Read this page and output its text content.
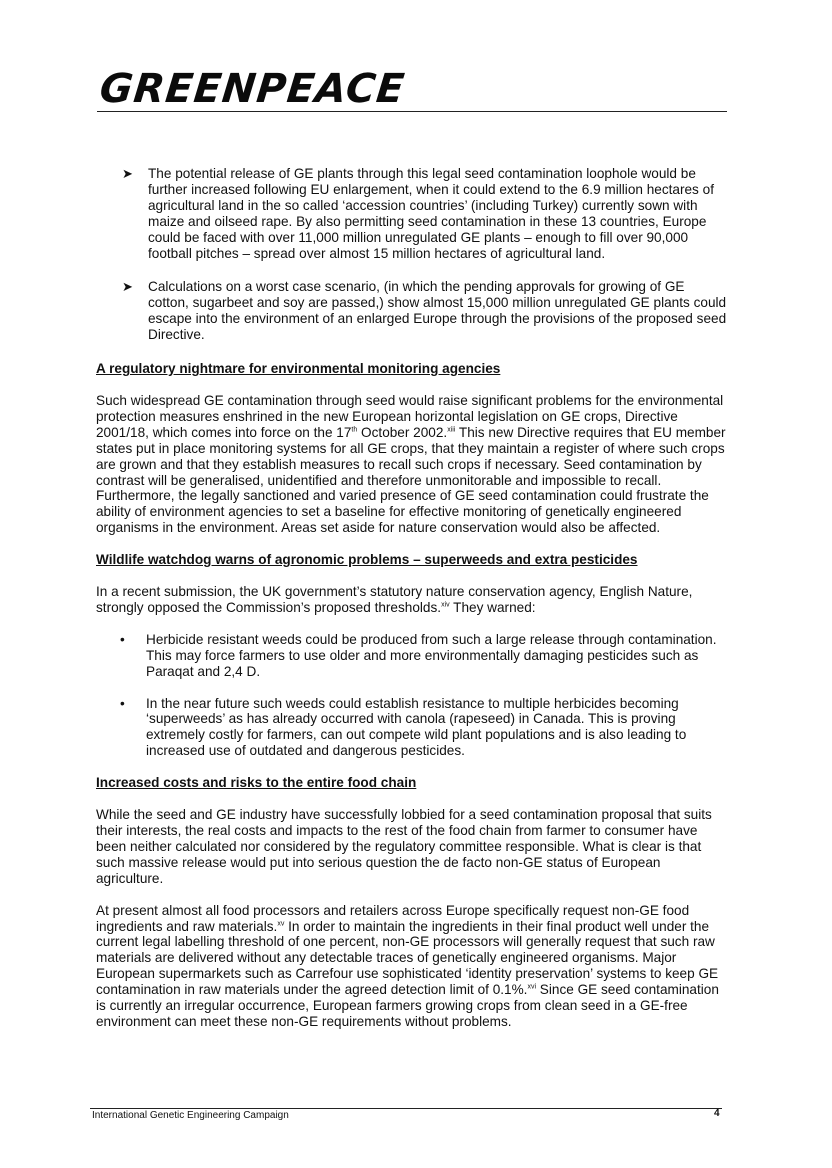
GREENPEACE
➤ The potential release of GE plants through this legal seed contamination loophole would be further increased following EU enlargement, when it could extend to the 6.9 million hectares of agricultural land in the so called ‘accession countries’ (including Turkey) currently sown with maize and oilseed rape. By also permitting seed contamination in these 13 countries, Europe could be faced with over 11,000 million unregulated GE plants – enough to fill over 90,000 football pitches – spread over almost 15 million hectares of agricultural land.
➤ Calculations on a worst case scenario, (in which the pending approvals for growing of GE cotton, sugarbeet and soy are passed,) show almost 15,000 million unregulated GE plants could escape into the environment of an enlarged Europe through the provisions of the proposed seed Directive.
A regulatory nightmare for environmental monitoring agencies

Such widespread GE contamination through seed would raise significant problems for the environmental protection measures enshrined in the new European horizontal legislation on GE crops, Directive 2001/18, which comes into force on the 17th October 2002.$^{xiii}$ This new Directive requires that EU member states put in place monitoring systems for all GE crops, that they maintain a register of where such crops are grown and that they establish measures to recall such crops if necessary. Seed contamination by contrast will be generalised, unidentified and therefore unmonitorable and impossible to recall. Furthermore, the legally sanctioned and varied presence of GE seed contamination could frustrate the ability of environment agencies to set a baseline for effective monitoring of genetically engineered organisms in the environment. Areas set aside for nature conservation would also be affected.

Wildlife watchdog warns of agronomic problems – superweeds and extra pesticides

In a recent submission, the UK government’s statutory nature conservation agency, English Nature, strongly opposed the Commission’s proposed thresholds.$^{xiv}$ They warned:

• Herbicide resistant weeds could be produced from such a large release through contamination. This may force farmers to use older and more environmentally damaging pesticides such as Paraqat and 2,4 D.
• In the near future such weeds could establish resistance to multiple herbicides becoming ‘superweeds’ as has already occurred with canola (rapeseed) in Canada. This is proving extremely costly for farmers, can out compete wild plant populations and is also leading to increased use of outdated and dangerous pesticides.
Increased costs and risks to the entire food chain

While the seed and GE industry have successfully lobbied for a seed contamination proposal that suits their interests, the real costs and impacts to the rest of the food chain from farmer to consumer have been neither calculated nor considered by the regulatory committee responsible. What is clear is that such massive release would put into serious question the de facto non-GE status of European agriculture.

At present almost all food processors and retailers across Europe specifically request non-GE food ingredients and raw materials.$^{xv}$ In order to maintain the ingredients in their final product well under the current legal labelling threshold of one percent, non-GE processors will generally request that such raw materials are delivered without any detectable traces of genetically engineered organisms. Major European supermarkets such as Carrefour use sophisticated ‘identity preservation’ systems to keep GE contamination in raw materials under the agreed detection limit of 0.1%.$^{xvi}$ Since GE seed contamination is currently an irregular occurrence, European farmers growing crops from clean seed in a GE-free environment can meet these non-GE requirements without problems.

International Genetic Engineering Campaign	4
